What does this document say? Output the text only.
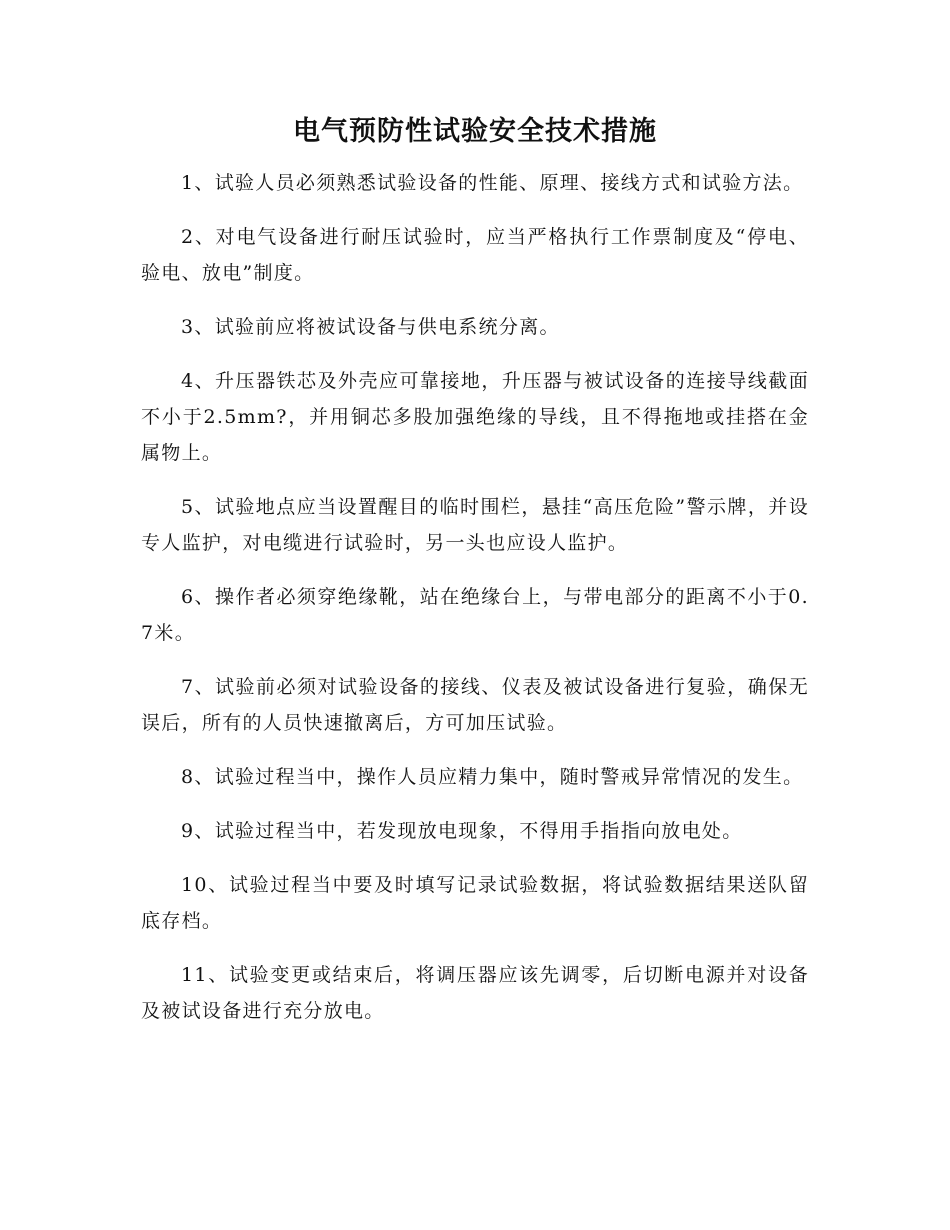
电气预防性试验安全技术措施

1、试验人员必须熟悉试验设备的性能、原理、接线方式和试验方法。

2、对电气设备进行耐压试验时，应当严格执行工作票制度及“停电、验电、放电”制度。

3、试验前应将被试设备与供电系统分离。

4、升压器铁芯及外壳应可靠接地，升压器与被试设备的连接导线截面不小于2.5mm?，并用铜芯多股加强绝缘的导线，且不得拖地或挂搭在金属物上。

5、试验地点应当设置醒目的临时围栏，悬挂“高压危险”警示牌，并设专人监护，对电缆进行试验时，另一头也应设人监护。

6、操作者必须穿绝缘靴，站在绝缘台上，与带电部分的距离不小于0.7米。

7、试验前必须对试验设备的接线、仪表及被试设备进行复验，确保无误后，所有的人员快速撤离后，方可加压试验。

8、试验过程当中，操作人员应精力集中，随时警戒异常情况的发生。

9、试验过程当中，若发现放电现象，不得用手指指向放电处。

10、试验过程当中要及时填写记录试验数据，将试验数据结果送队留底存档。

11、试验变更或结束后，将调压器应该先调零，后切断电源并对设备及被试设备进行充分放电。
